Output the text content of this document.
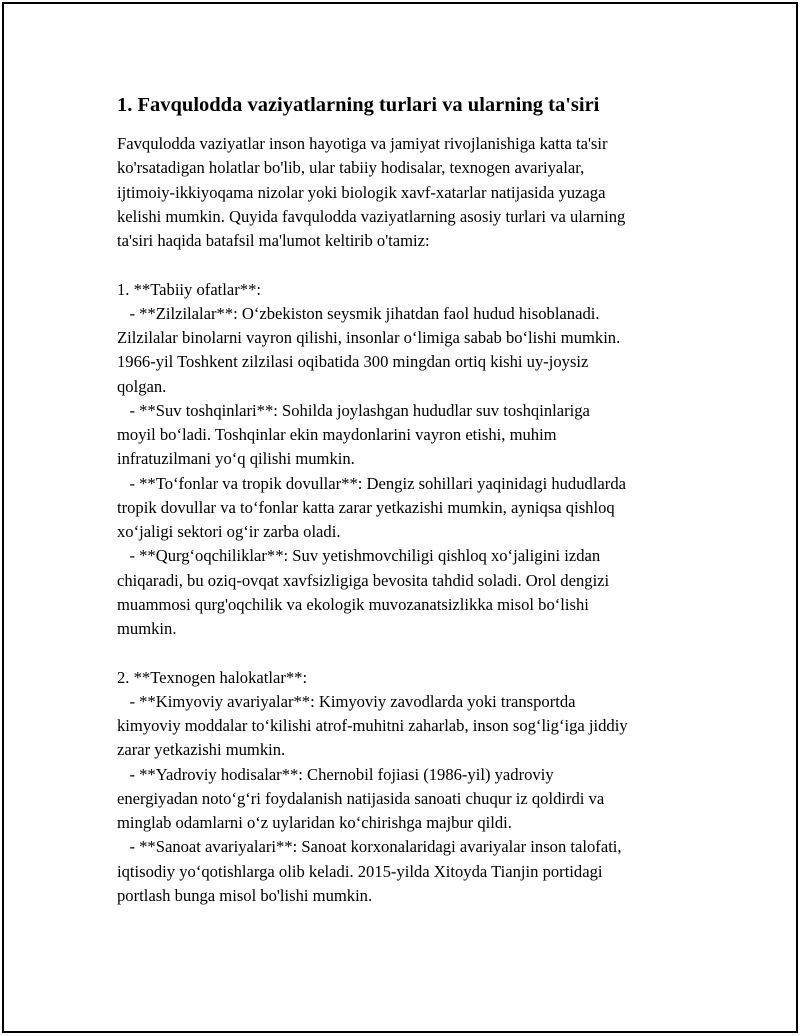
1. Favqulodda vaziyatlarning turlari va ularning ta'siri
Favqulodda vaziyatlar inson hayotiga va jamiyat rivojlanishiga katta ta'sir
ko'rsatadigan holatlar bo'lib, ular tabiiy hodisalar, texnogen avariyalar,
ijtimoiy-ikkiyoqama nizolar yoki biologik xavf-xatarlar natijasida yuzaga
kelishi mumkin. Quyida favqulodda vaziyatlarning asosiy turlari va ularning
ta'siri haqida batafsil ma'lumot keltirib o'tamiz:

1. **Tabiiy ofatlar**:
- **Zilzilalar**: Oʻzbekiston seysmik jihatdan faol hudud hisoblanadi.
Zilzilalar binolarni vayron qilishi, insonlar oʻlimiga sabab boʻlishi mumkin.
1966-yil Toshkent zilzilasi oqibatida 300 mingdan ortiq kishi uy-joysiz
qolgan.
- **Suv toshqinlari**: Sohilda joylashgan hududlar suv toshqinlariga
moyil boʻladi. Toshqinlar ekin maydonlarini vayron etishi, muhim
infratuzilmani yoʻq qilishi mumkin.
- **Toʻfonlar va tropik dovullar**: Dengiz sohillari yaqinidagi hududlarda
tropik dovullar va toʻfonlar katta zarar yetkazishi mumkin, ayniqsa qishloq
xoʻjaligi sektori ogʻir zarba oladi.
- **Qurgʻoqchiliklar**: Suv yetishmovchiligi qishloq xoʻjaligini izdan
chiqaradi, bu oziq-ovqat xavfsizligiga bevosita tahdid soladi. Orol dengizi
muammosi qurg'oqchilik va ekologik muvozanatsizlikka misol boʻlishi
mumkin.

2. **Texnogen halokatlar**:
- **Kimyoviy avariyalar**: Kimyoviy zavodlarda yoki transportda
kimyoviy moddalar toʻkilishi atrof-muhitni zaharlab, inson sogʻligʻiga jiddiy
zarar yetkazishi mumkin.
- **Yadroviy hodisalar**: Chernobil fojiasi (1986-yil) yadroviy
energiyadan notoʻgʻri foydalanish natijasida sanoati chuqur iz qoldirdi va
minglab odamlarni oʻz uylaridan koʻchirishga majbur qildi.
- **Sanoat avariyalari**: Sanoat korxonalaridagi avariyalar inson talofati,
iqtisodiy yoʻqotishlarga olib keladi. 2015-yilda Xitoyda Tianjin portidagi
portlash bunga misol bo'lishi mumkin.
